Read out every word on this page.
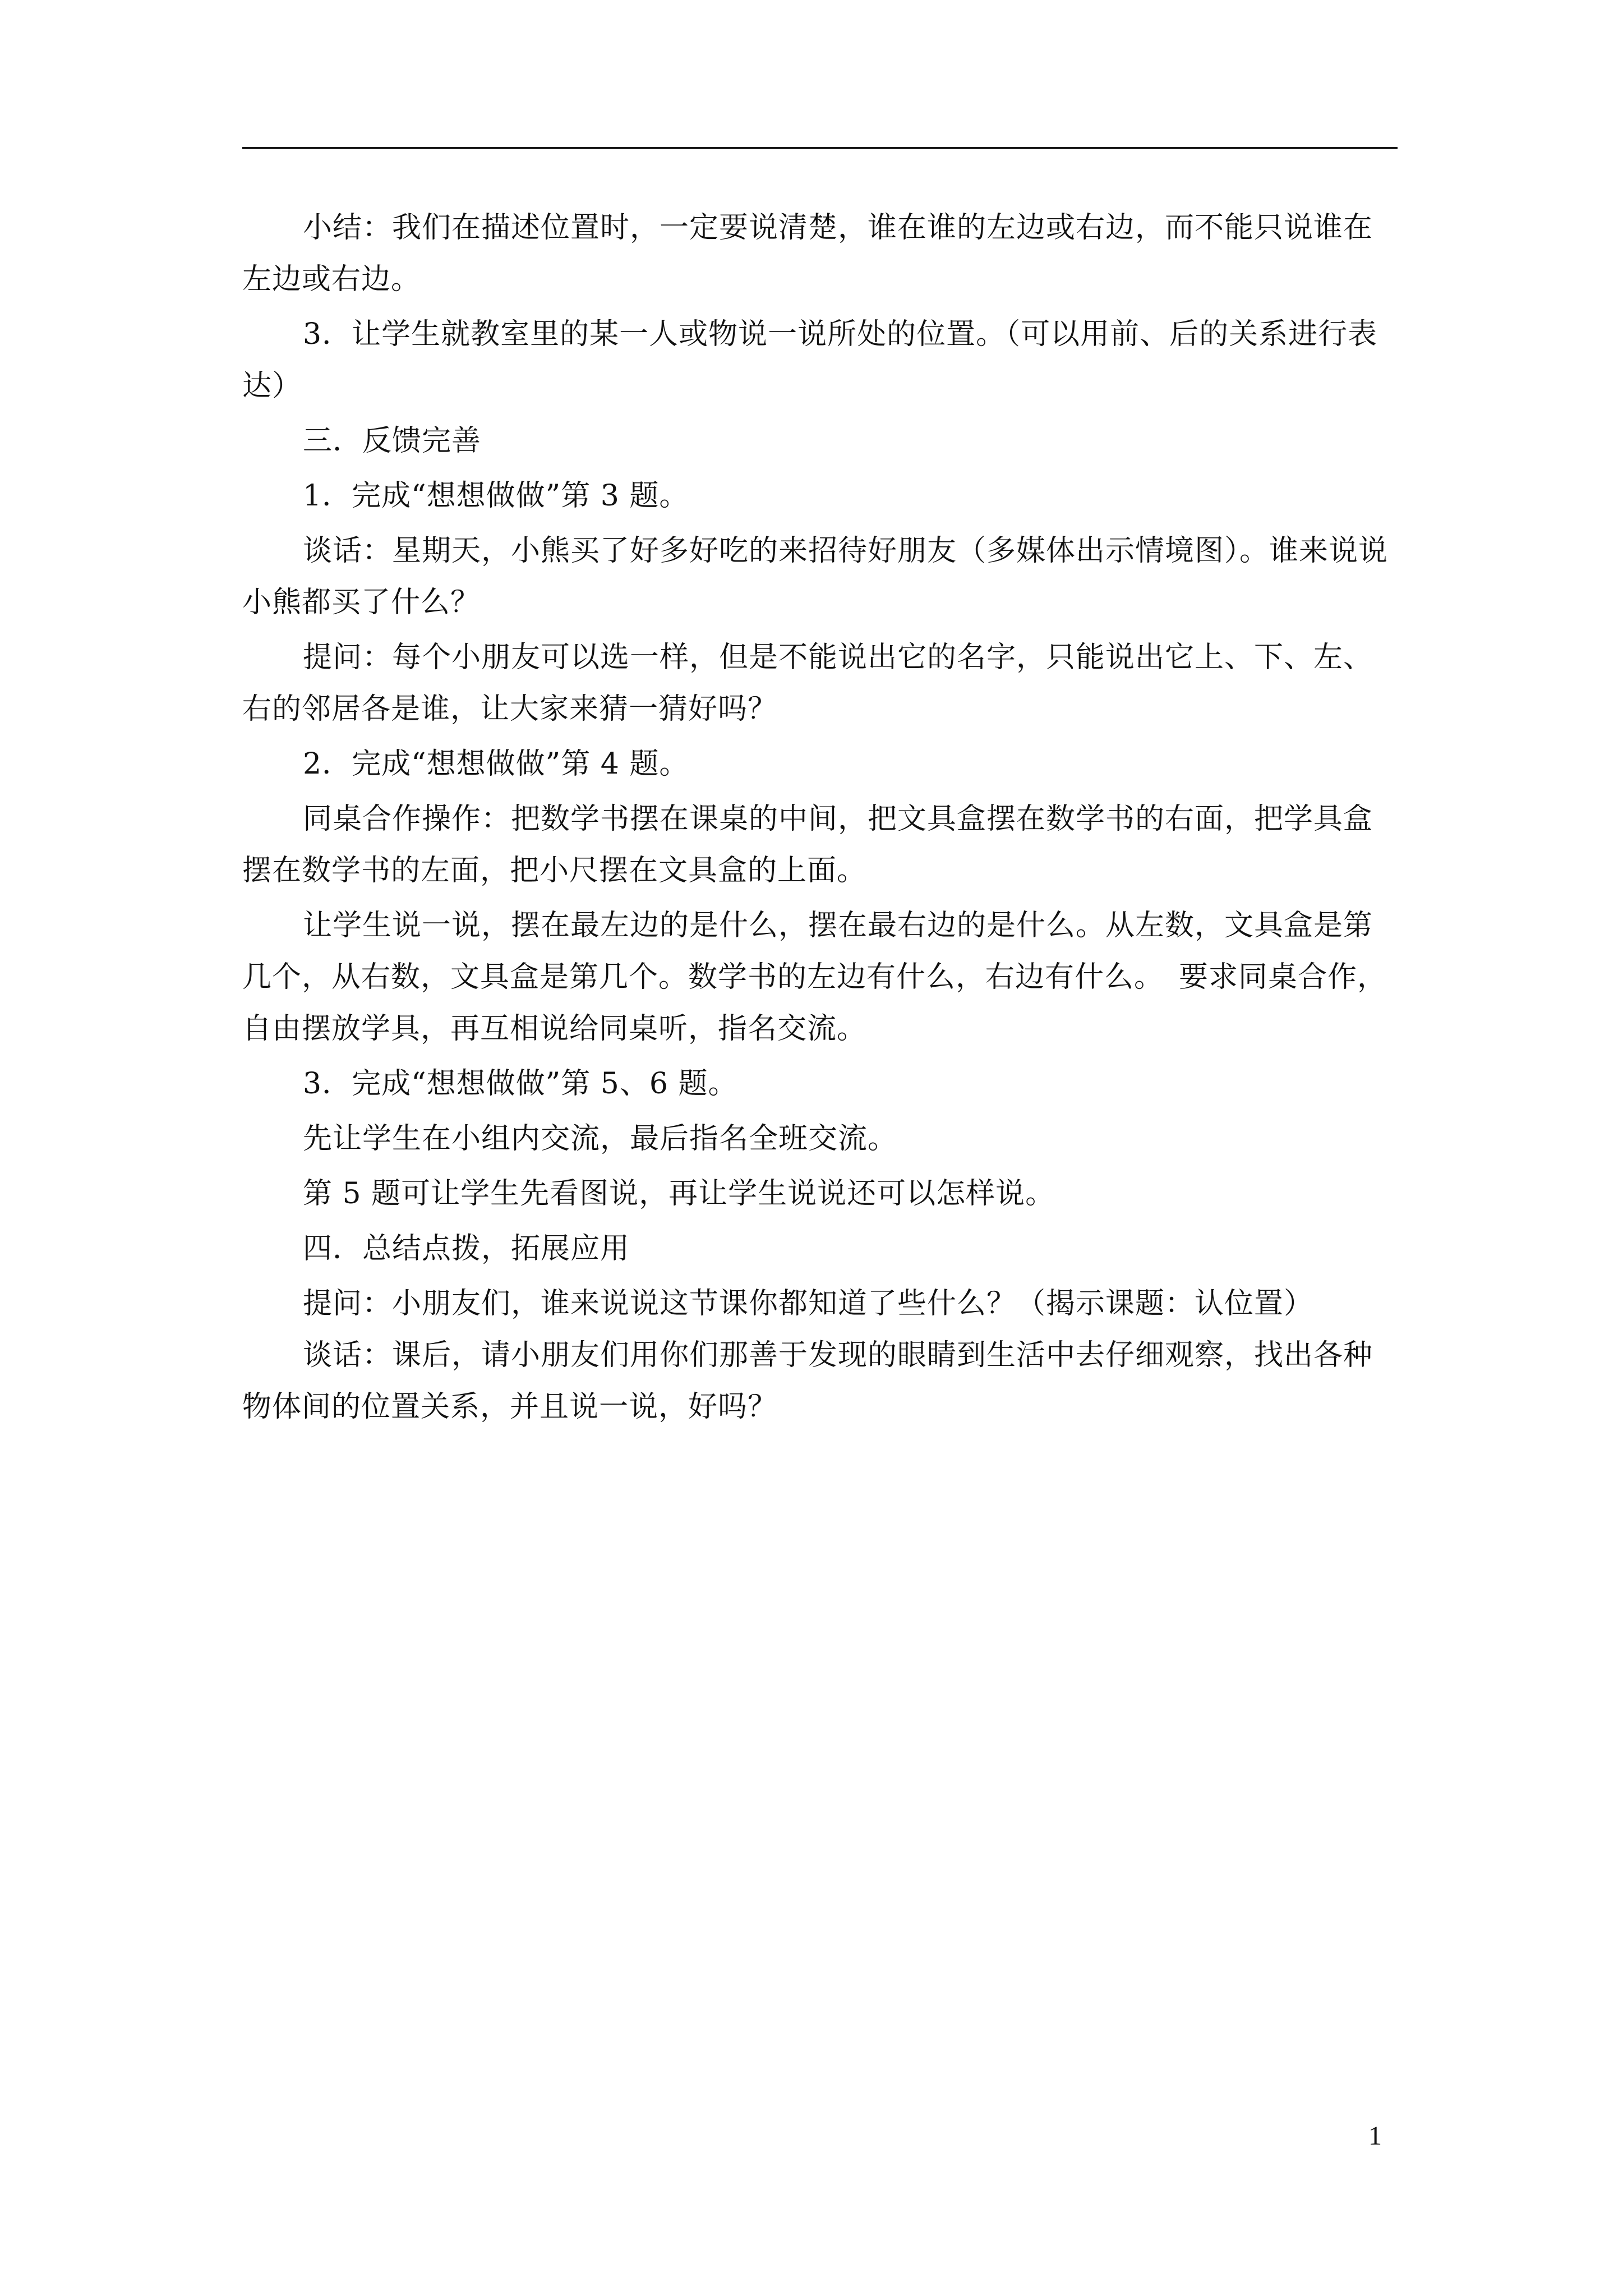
小结：我们在描述位置时，一定要说清楚，谁在谁的左边或右边，而不能只说谁在左边或右边。

3．让学生就教室里的某一人或物说一说所处的位置。（可以用前、后的关系进行表达）

三．反馈完善

1．完成“想想做做”第 3 题。

谈话：星期天，小熊买了好多好吃的来招待好朋友（多媒体出示情境图）。谁来说说小熊都买了什么？

提问：每个小朋友可以选一样，但是不能说出它的名字，只能说出它上、下、左、右的邻居各是谁，让大家来猜一猜好吗？

2．完成“想想做做”第 4 题。

同桌合作操作：把数学书摆在课桌的中间，把文具盒摆在数学书的右面，把学具盒摆在数学书的左面，把小尺摆在文具盒的上面。

让学生说一说，摆在最左边的是什么，摆在最右边的是什么。从左数，文具盒是第几个，从右数，文具盒是第几个。数学书的左边有什么，右边有什么。　要求同桌合作，自由摆放学具，再互相说给同桌听，指名交流。

3．完成“想想做做”第 5、6 题。

先让学生在小组内交流，最后指名全班交流。

第 5 题可让学生先看图说，再让学生说说还可以怎样说。

四．总结点拨，拓展应用

提问：小朋友们，谁来说说这节课你都知道了些什么？（揭示课题：认位置）

谈话：课后，请小朋友们用你们那善于发现的眼睛到生活中去仔细观察，找出各种物体间的位置关系，并且说一说，好吗？

1
